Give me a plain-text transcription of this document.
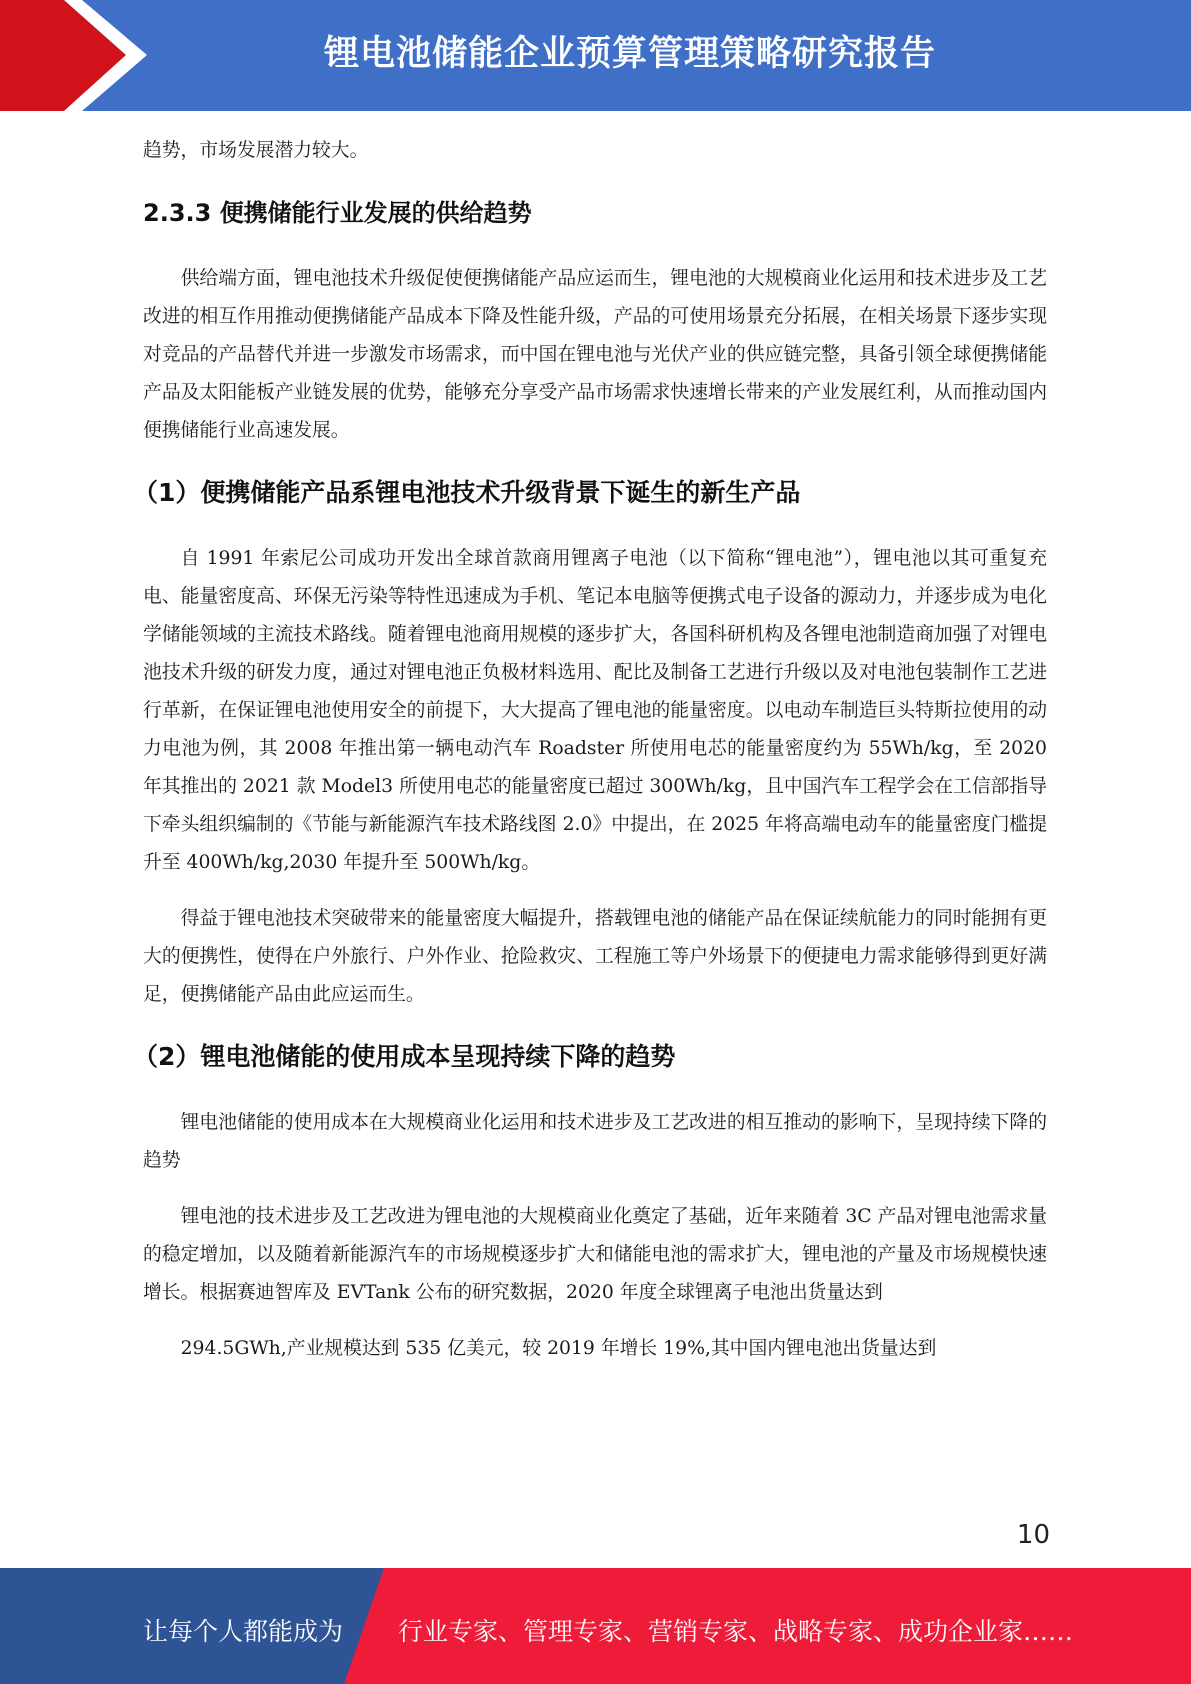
锂电池储能企业预算管理策略研究报告

趋势，市场发展潜力较大。

2.3.3 便携储能行业发展的供给趋势

供给端方面，锂电池技术升级促使便携储能产品应运而生，锂电池的大规模商业化运用和技术进步及工艺改进的相互作用推动便携储能产品成本下降及性能升级，产品的可使用场景充分拓展，在相关场景下逐步实现对竞品的产品替代并进一步激发市场需求，而中国在锂电池与光伏产业的供应链完整，具备引领全球便携储能产品及太阳能板产业链发展的优势，能够充分享受产品市场需求快速增长带来的产业发展红利，从而推动国内便携储能行业高速发展。

（1）便携储能产品系锂电池技术升级背景下诞生的新生产品

自 1991 年索尼公司成功开发出全球首款商用锂离子电池（以下简称“锂电池”），锂电池以其可重复充电、能量密度高、环保无污染等特性迅速成为手机、笔记本电脑等便携式电子设备的源动力，并逐步成为电化学储能领域的主流技术路线。随着锂电池商用规模的逐步扩大，各国科研机构及各锂电池制造商加强了对锂电池技术升级的研发力度，通过对锂电池正负极材料选用、配比及制备工艺进行升级以及对电池包装制作工艺进行革新，在保证锂电池使用安全的前提下，大大提高了锂电池的能量密度。以电动车制造巨头特斯拉使用的动力电池为例，其 2008 年推出第一辆电动汽车 Roadster 所使用电芯的能量密度约为 55Wh/kg，至 2020 年其推出的 2021 款 Model3 所使用电芯的能量密度已超过 300Wh/kg，且中国汽车工程学会在工信部指导下牵头组织编制的《节能与新能源汽车技术路线图 2.0》中提出，在 2025 年将高端电动车的能量密度门槛提升至 400Wh/kg,2030 年提升至 500Wh/kg。

得益于锂电池技术突破带来的能量密度大幅提升，搭载锂电池的储能产品在保证续航能力的同时能拥有更大的便携性，使得在户外旅行、户外作业、抢险救灾、工程施工等户外场景下的便捷电力需求能够得到更好满足，便携储能产品由此应运而生。

（2）锂电池储能的使用成本呈现持续下降的趋势

锂电池储能的使用成本在大规模商业化运用和技术进步及工艺改进的相互推动的影响下，呈现持续下降的趋势

锂电池的技术进步及工艺改进为锂电池的大规模商业化奠定了基础，近年来随着 3C 产品对锂电池需求量的稳定增加，以及随着新能源汽车的市场规模逐步扩大和储能电池的需求扩大，锂电池的产量及市场规模快速增长。根据赛迪智库及 EVTank 公布的研究数据，2020 年度全球锂离子电池出货量达到

294.5GWh,产业规模达到 535 亿美元，较 2019 年增长 19%,其中国内锂电池出货量达到

10
让每个人都能成为 行业专家、管理专家、营销专家、战略专家、成功企业家……
